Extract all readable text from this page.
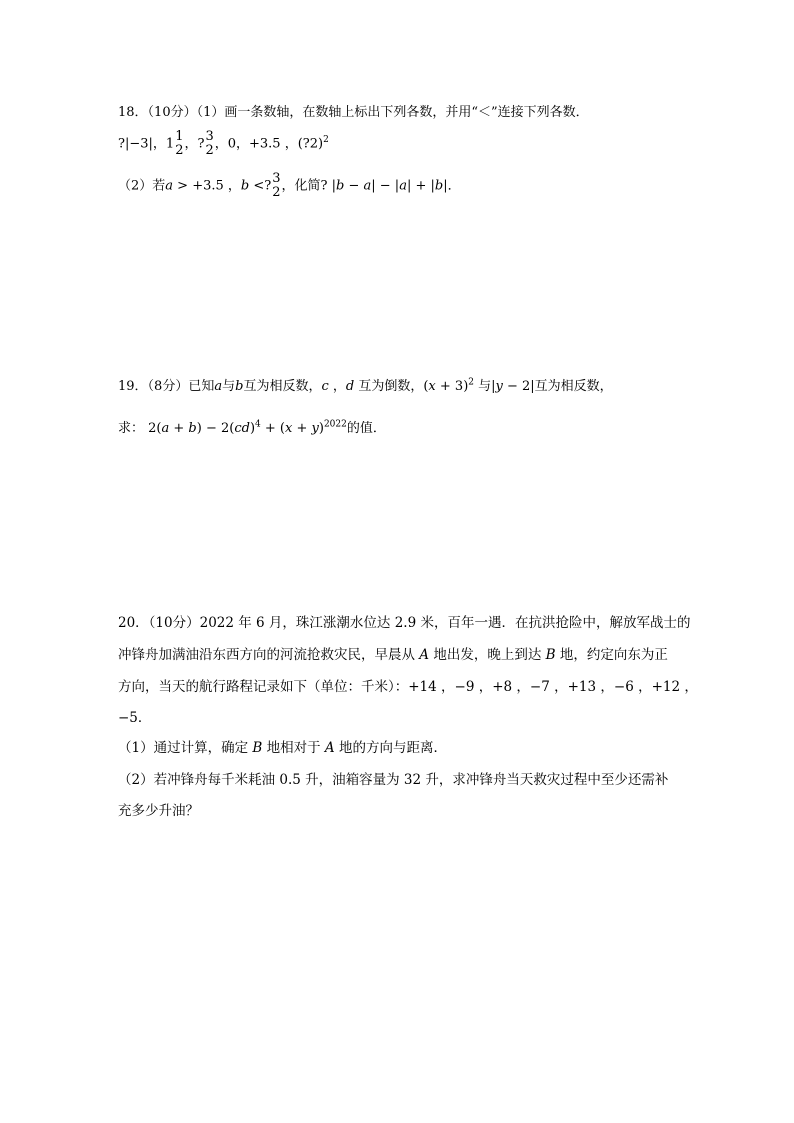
18．（10分）（1）画一条数轴，在数轴上标出下列各数，并用“＜”连接下列各数．
?|−3|，1 1
2 ，? 3
2 ，0，+3.5 ，(?2)$^2$
（2）若a > +3.5 ，b <? 3
2 ，化简? |b − a| − |a| + |b|．
19．（8分）已知a与b互为相反数，c ，d 互为倒数，$(x + 3)^2$ 与|y − 2|互为相反数，
求： $2(a + b) - 2(cd)^4 + (x + y)^{2022}$的值．
20．（10分）2022 年 6 月，珠江涨潮水位达 2.9 米，百年一遇．在抗洪抢险中，解放军战士的
冲锋舟加满油沿东西方向的河流抢救灾民，早晨从 A 地出发，晚上到达 B 地，约定向东为正
方向，当天的航行路程记录如下（单位：千米）：+14 ，−9 ，+8 ，−7 ，+13 ，−6 ，+12 ，
−5．
（1）通过计算，确定 B 地相对于 A 地的方向与距离．
（2）若冲锋舟每千米耗油 0.5 升，油箱容量为 32 升，求冲锋舟当天救灾过程中至少还需补
充多少升油？
